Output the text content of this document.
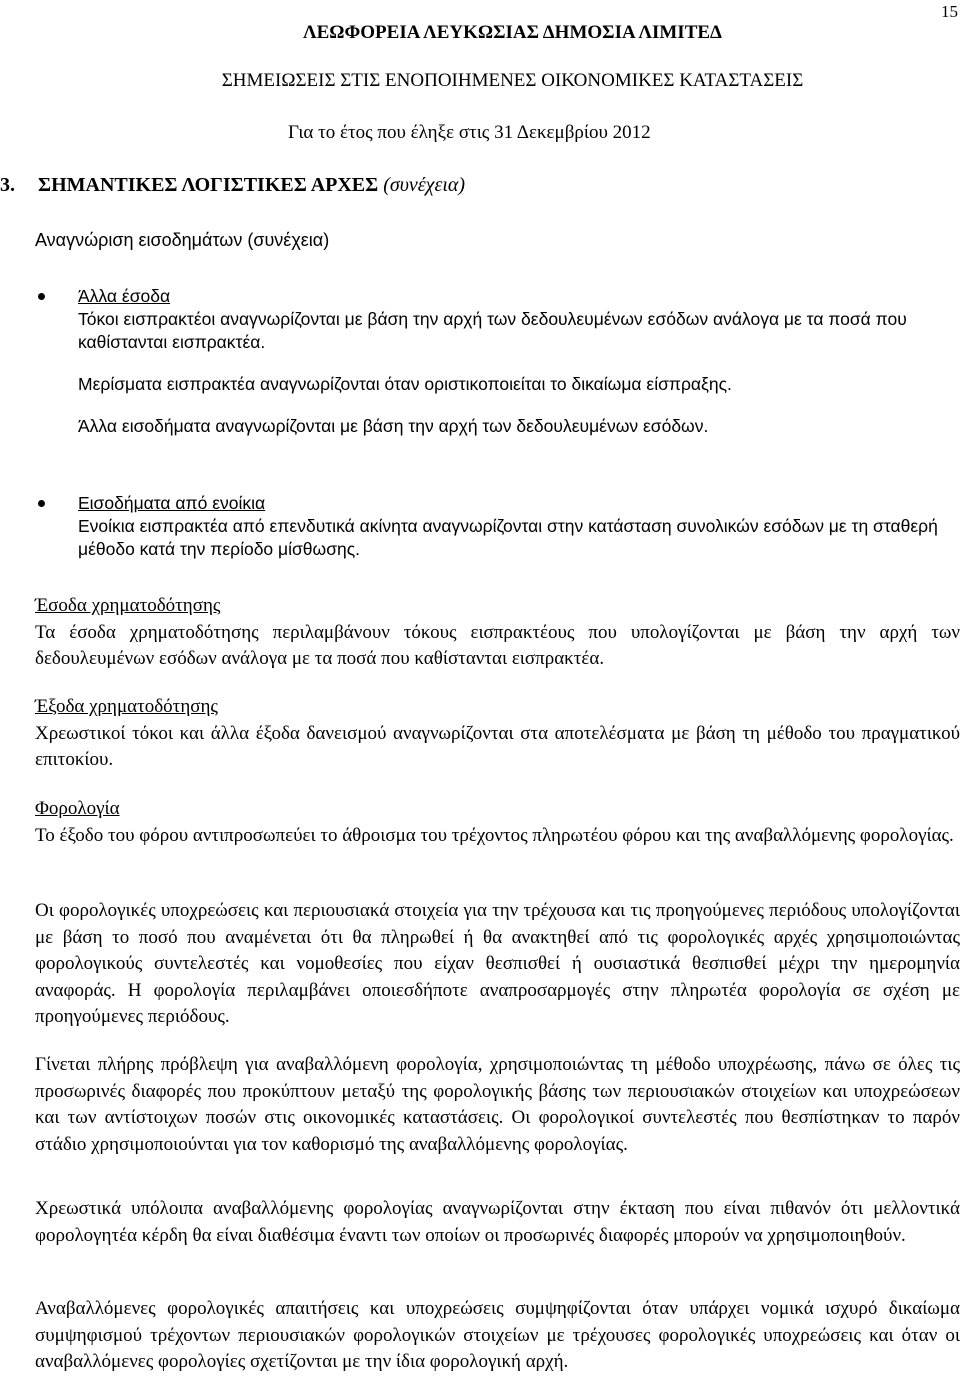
15
ΛΕΩΦΟΡΕΙΑ ΛΕΥΚΩΣΙΑΣ ΔΗΜΟΣΙΑ ΛΙΜΙΤΕΔ
ΣΗΜΕΙΩΣΕΙΣ ΣΤΙΣ ΕΝΟΠΟΙΗΜΕΝΕΣ ΟΙΚΟΝΟΜΙΚΕΣ ΚΑΤΑΣΤΑΣΕΙΣ
Για το έτος που έληξε στις 31 Δεκεμβρίου 2012
3. ΣΗΜΑΝΤΙΚΕΣ ΛΟΓΙΣΤΙΚΕΣ ΑΡΧΕΣ (συνέχεια)
Αναγνώριση εισοδημάτων (συνέχεια)

Άλλα έσοδα

Τόκοι εισπρακτέοι αναγνωρίζονται με βάση την αρχή των δεδουλευμένων εσόδων ανάλογα με τα ποσά που καθίστανται εισπρακτέα.

Μερίσματα εισπρακτέα αναγνωρίζονται όταν οριστικοποιείται το δικαίωμα είσπραξης.

Άλλα εισοδήματα αναγνωρίζονται με βάση την αρχή των δεδουλευμένων εσόδων.

Εισοδήματα από ενοίκια

Ενοίκια εισπρακτέα από επενδυτικά ακίνητα αναγνωρίζονται στην κατάσταση συνολικών εσόδων με τη σταθερή μέθοδο κατά την περίοδο μίσθωσης.

Έσοδα χρηματοδότησης

Τα έσοδα χρηματοδότησης περιλαμβάνουν τόκους εισπρακτέους που υπολογίζονται με βάση την αρχή των δεδουλευμένων εσόδων ανάλογα με τα ποσά που καθίστανται εισπρακτέα.

Έξοδα χρηματοδότησης

Χρεωστικοί τόκοι και άλλα έξοδα δανεισμού αναγνωρίζονται στα αποτελέσματα με βάση τη μέθοδο του πραγματικού επιτοκίου.

Φορολογία

Το έξοδο του φόρου αντιπροσωπεύει το άθροισμα του τρέχοντος πληρωτέου φόρου και της αναβαλλόμενης φορολογίας.

Οι φορολογικές υποχρεώσεις και περιουσιακά στοιχεία για την τρέχουσα και τις προηγούμενες περιόδους υπολογίζονται με βάση το ποσό που αναμένεται ότι θα πληρωθεί ή θα ανακτηθεί από τις φορολογικές αρχές χρησιμοποιώντας φορολογικούς συντελεστές και νομοθεσίες που είχαν θεσπισθεί ή ουσιαστικά θεσπισθεί μέχρι την ημερομηνία αναφοράς. Η φορολογία περιλαμβάνει οποιεσδήποτε αναπροσαρμογές στην πληρωτέα φορολογία σε σχέση με προηγούμενες περιόδους.
Γίνεται πλήρης πρόβλεψη για αναβαλλόμενη φορολογία, χρησιμοποιώντας τη μέθοδο υποχρέωσης, πάνω σε όλες τις προσωρινές διαφορές που προκύπτουν μεταξύ της φορολογικής βάσης των περιουσιακών στοιχείων και υποχρεώσεων και των αντίστοιχων ποσών στις οικονομικές καταστάσεις. Οι φορολογικοί συντελεστές που θεσπίστηκαν το παρόν στάδιο χρησιμοποιούνται για τον καθορισμό της αναβαλλόμενης φορολογίας.
Χρεωστικά υπόλοιπα αναβαλλόμενης φορολογίας αναγνωρίζονται στην έκταση που είναι πιθανόν ότι μελλοντικά φορολογητέα κέρδη θα είναι διαθέσιμα έναντι των οποίων οι προσωρινές διαφορές μπορούν να χρησιμοποιηθούν.
Αναβαλλόμενες φορολογικές απαιτήσεις και υποχρεώσεις συμψηφίζονται όταν υπάρχει νομικά ισχυρό δικαίωμα συμψηφισμού τρέχοντων περιουσιακών φορολογικών στοιχείων με τρέχουσες φορολογικές υποχρεώσεις και όταν οι αναβαλλόμενες φορολογίες σχετίζονται με την ίδια φορολογική αρχή.
